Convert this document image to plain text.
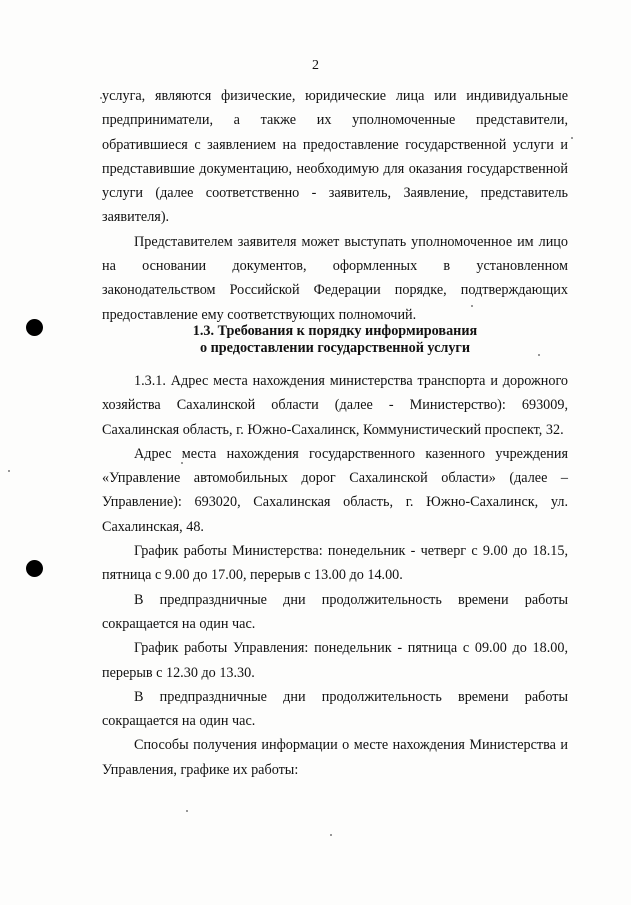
2

услуга, являются физические, юридические лица или индивидуальные предприниматели, а также их уполномоченные представители, обратившиеся с заявлением на предоставление государственной услуги и представившие документацию, необходимую для оказания государственной услуги (далее соответственно - заявитель, Заявление, представитель заявителя).

Представителем заявителя может выступать уполномоченное им лицо на основании документов, оформленных в установленном законодательством Российской Федерации порядке, подтверждающих предоставление ему соответствующих полномочий.

1.3. Требования к порядку информирования
о предоставлении государственной услуги

1.3.1. Адрес места нахождения министерства транспорта и дорожного хозяйства Сахалинской области (далее - Министерство): 693009, Сахалинская область, г. Южно-Сахалинск, Коммунистический проспект, 32.

Адрес места нахождения государственного казенного учреждения «Управление автомобильных дорог Сахалинской области» (далее – Управление): 693020, Сахалинская область, г. Южно-Сахалинск, ул. Сахалинская, 48.

График работы Министерства: понедельник - четверг с 9.00 до 18.15, пятница с 9.00 до 17.00, перерыв с 13.00 до 14.00.

В предпраздничные дни продолжительность времени работы сокращается на один час.

График работы Управления: понедельник - пятница с 09.00 до 18.00, перерыв с 12.30 до 13.30.

В предпраздничные дни продолжительность времени работы сокращается на один час.

Способы получения информации о месте нахождения Министерства и Управления, графике их работы:
